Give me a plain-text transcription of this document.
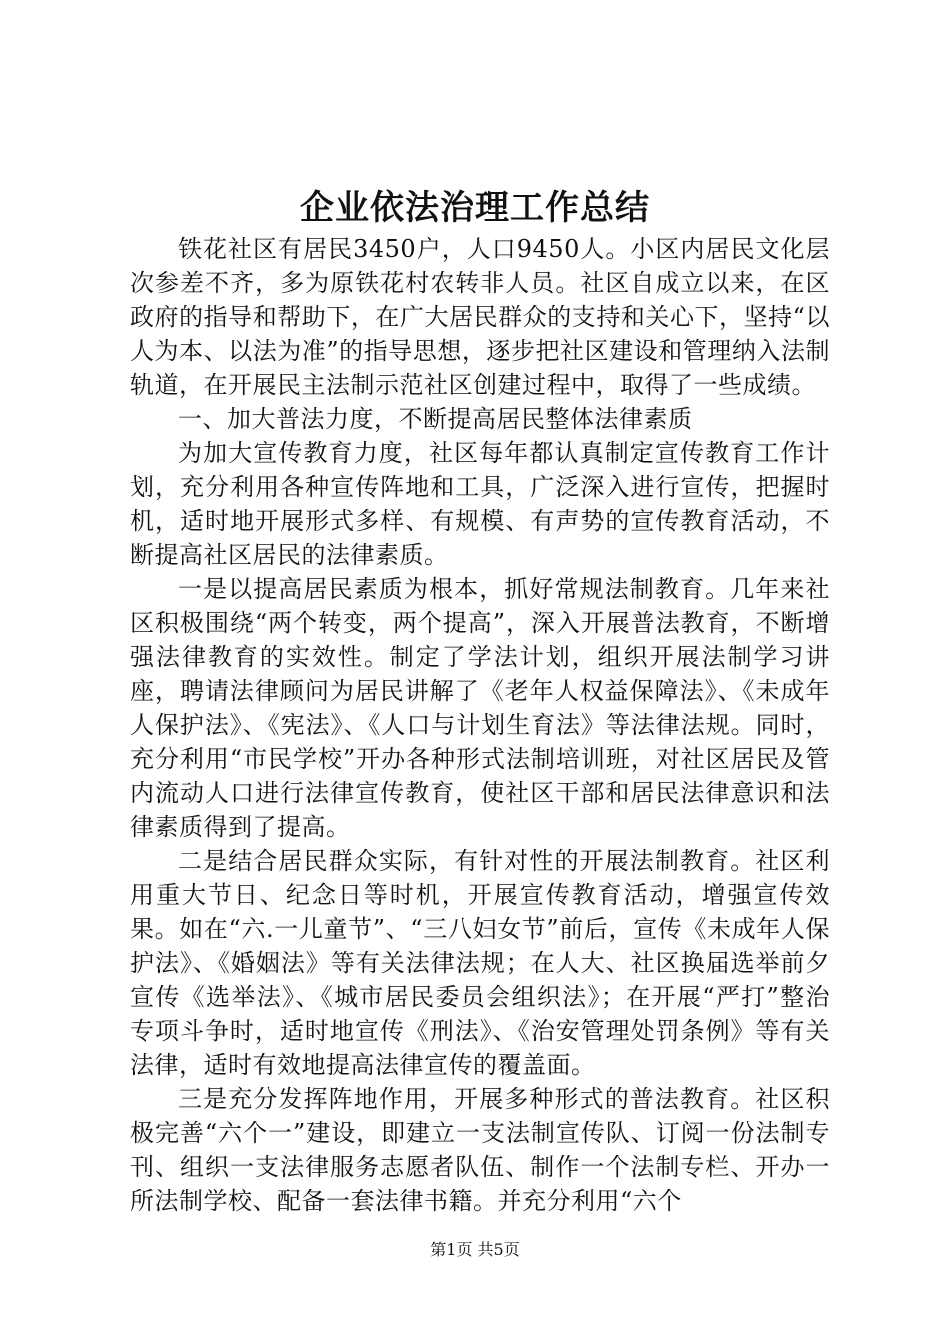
企业依法治理工作总结

铁花社区有居民3450户，人口9450人。小区内居民文化层次参差不齐，多为原铁花村农转非人员。社区自成立以来，在区政府的指导和帮助下，在广大居民群众的支持和关心下，坚持“以人为本、以法为准”的指导思想，逐步把社区建设和管理纳入法制轨道，在开展民主法制示范社区创建过程中，取得了一些成绩。

一、加大普法力度，不断提高居民整体法律素质

为加大宣传教育力度，社区每年都认真制定宣传教育工作计划，充分利用各种宣传阵地和工具，广泛深入进行宣传，把握时机，适时地开展形式多样、有规模、有声势的宣传教育活动，不断提高社区居民的法律素质。

一是以提高居民素质为根本，抓好常规法制教育。几年来社区积极围绕“两个转变，两个提高”，深入开展普法教育，不断增强法律教育的实效性。制定了学法计划，组织开展法制学习讲座，聘请法律顾问为居民讲解了《老年人权益保障法》、《未成年人保护法》、《宪法》、《人口与计划生育法》等法律法规。同时，充分利用“市民学校”开办各种形式法制培训班，对社区居民及管内流动人口进行法律宣传教育，使社区干部和居民法律意识和法律素质得到了提高。

二是结合居民群众实际，有针对性的开展法制教育。社区利用重大节日、纪念日等时机，开展宣传教育活动，增强宣传效果。如在“六.一儿童节”、“三八妇女节”前后，宣传《未成年人保护法》、《婚姻法》等有关法律法规；在人大、社区换届选举前夕宣传《选举法》、《城市居民委员会组织法》；在开展“严打”整治专项斗争时，适时地宣传《刑法》、《治安管理处罚条例》等有关法律，适时有效地提高法律宣传的覆盖面。

三是充分发挥阵地作用，开展多种形式的普法教育。社区积极完善“六个一”建设，即建立一支法制宣传队、订阅一份法制专刊、组织一支法律服务志愿者队伍、制作一个法制专栏、开办一所法制学校、配备一套法律书籍。并充分利用“六个

第1页 共5页
